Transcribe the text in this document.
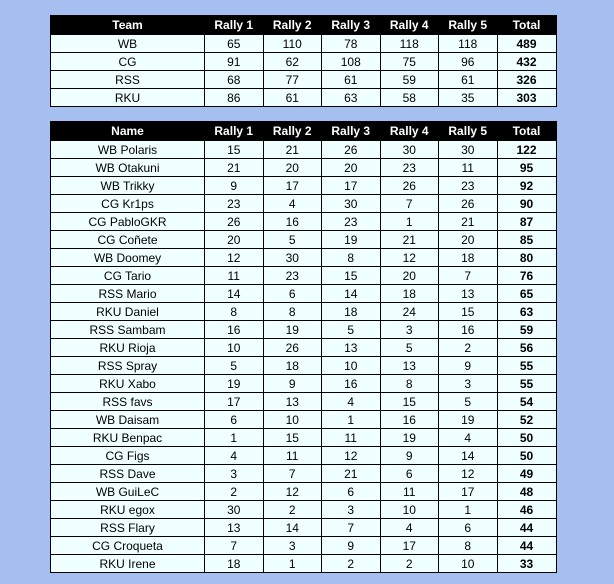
Team	Rally 1	Rally 2	Rally 3	Rally 4	Rally 5	Total
WB	65	110	78	118	118	489
CG	91	62	108	75	96	432
RSS	68	77	61	59	61	326
RKU	86	61	63	58	35	303
Name	Rally 1	Rally 2	Rally 3	Rally 4	Rally 5	Total
WB Polaris	15	21	26	30	30	122
WB Otakuni	21	20	20	23	11	95
WB Trikky	9	17	17	26	23	92
CG Kr1ps	23	4	30	7	26	90
CG PabloGKR	26	16	23	1	21	87
CG Coñete	20	5	19	21	20	85
WB Doomey	12	30	8	12	18	80
CG Tario	11	23	15	20	7	76
RSS Mario	14	6	14	18	13	65
RKU Daniel	8	8	18	24	15	63
RSS Sambam	16	19	5	3	16	59
RKU Rioja	10	26	13	5	2	56
RSS Spray	5	18	10	13	9	55
RKU Xabo	19	9	16	8	3	55
RSS favs	17	13	4	15	5	54
WB Daisam	6	10	1	16	19	52
RKU Benpac	1	15	11	19	4	50
CG Figs	4	11	12	9	14	50
RSS Dave	3	7	21	6	12	49
WB GuiLeC	2	12	6	11	17	48
RKU egox	30	2	3	10	1	46
RSS Flary	13	14	7	4	6	44
CG Croqueta	7	3	9	17	8	44
RKU Irene	18	1	2	2	10	33
